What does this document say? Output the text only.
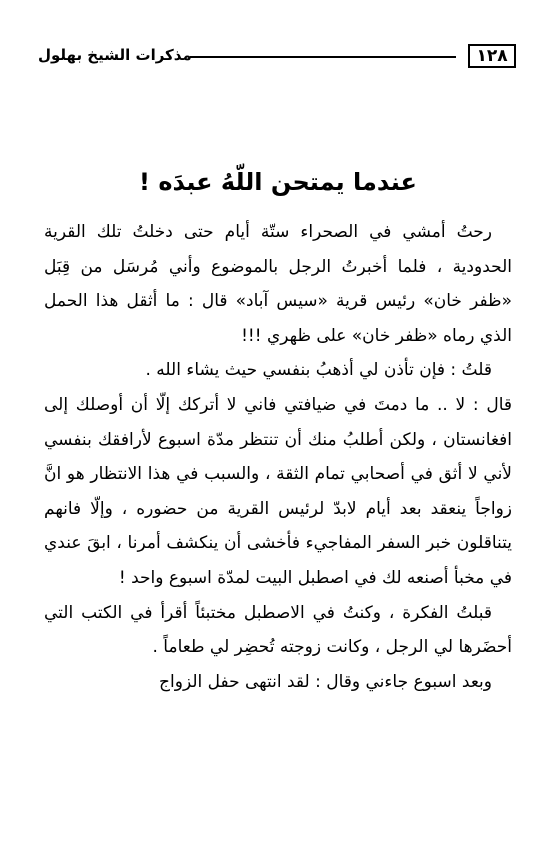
١٢٨
مذكرات الشيخ بهلول
عندما يمتحن اللّهُ عبدَه !

رحتُ أمشي في الصحراء ستّة أيام حتى دخلتُ تلك القرية الحدودية ، فلما أخبرتُ الرجل بالموضوع وأني مُرسَل من قِبَل «ظفر خان» رئيس قرية «سيس آباد» قال : ما أثقل هذا الحمل الذي رماه «ظفر خان» على ظهري !!!

قلتُ : فإن تأذن لي أذهبُ بنفسي حيث يشاء الله .

قال : لا .. ما دمتَ في ضيافتي فاني لا أتركك إلّا أن أوصلك إلى افغانستان ، ولكن أطلبُ منك أن تنتظر مدّة اسبوع لأرافقك بنفسي لأني لا أثق في أصحابي تمام الثقة ، والسبب في هذا الانتظار هو انَّ زواجاً ينعقد بعد أيام لابدّ لرئيس القرية من حضوره ، وإلّا فانهم يتناقلون خبر السفر المفاجيء فأخشى أن ينكشف أمرنا ، ابقَ عندي في مخبأ أصنعه لك في اصطبل البيت لمدّة اسبوع واحد !

قبلتُ الفكرة ، وكنتُ في الاصطبل مختبئاً أقرأ في الكتب التي أحضَرها لي الرجل ، وكانت زوجته تُحضِر لي طعاماً .

وبعد اسبوع جاءني وقال : لقد انتهى حفل الزواج
